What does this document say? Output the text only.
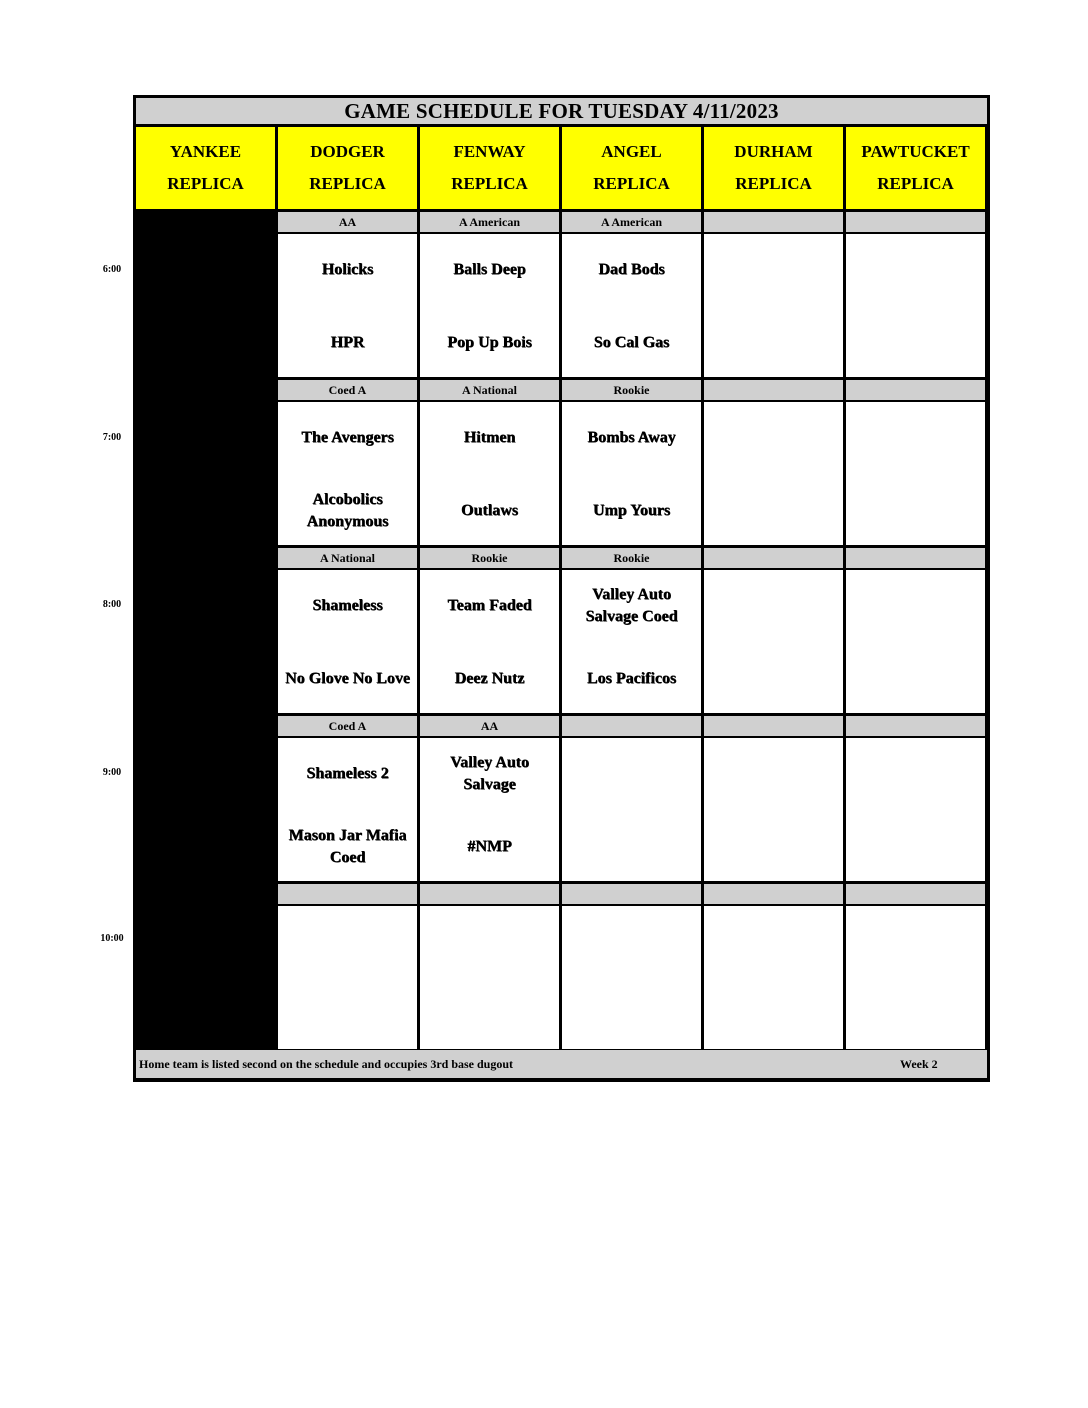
6:00
7:00
8:00
9:00
10:00
GAME SCHEDULE FOR TUESDAY 4/11/2023
YANKEE
REPLICA
DODGER
REPLICA
FENWAY
REPLICA
ANGEL
REPLICA
DURHAM
REPLICA
PAWTUCKET
REPLICA
AA
Holicks
HPR
A American
Balls Deep
Pop Up Bois
A American
Dad Bods
So Cal Gas
Coed A
The Avengers
Alcobolics
Anonymous
A National
Hitmen
Outlaws
Rookie
Bombs Away
Ump Yours
A National
Shameless
No Glove No Love
Rookie
Team Faded
Deez Nutz
Rookie
Valley Auto
Salvage Coed
Los Pacificos
Coed A
Shameless 2
Mason Jar Mafia
Coed
AA
Valley Auto
Salvage
#NMP
Home team is listed second on the schedule and occupies 3rd base dugout	Week 2
